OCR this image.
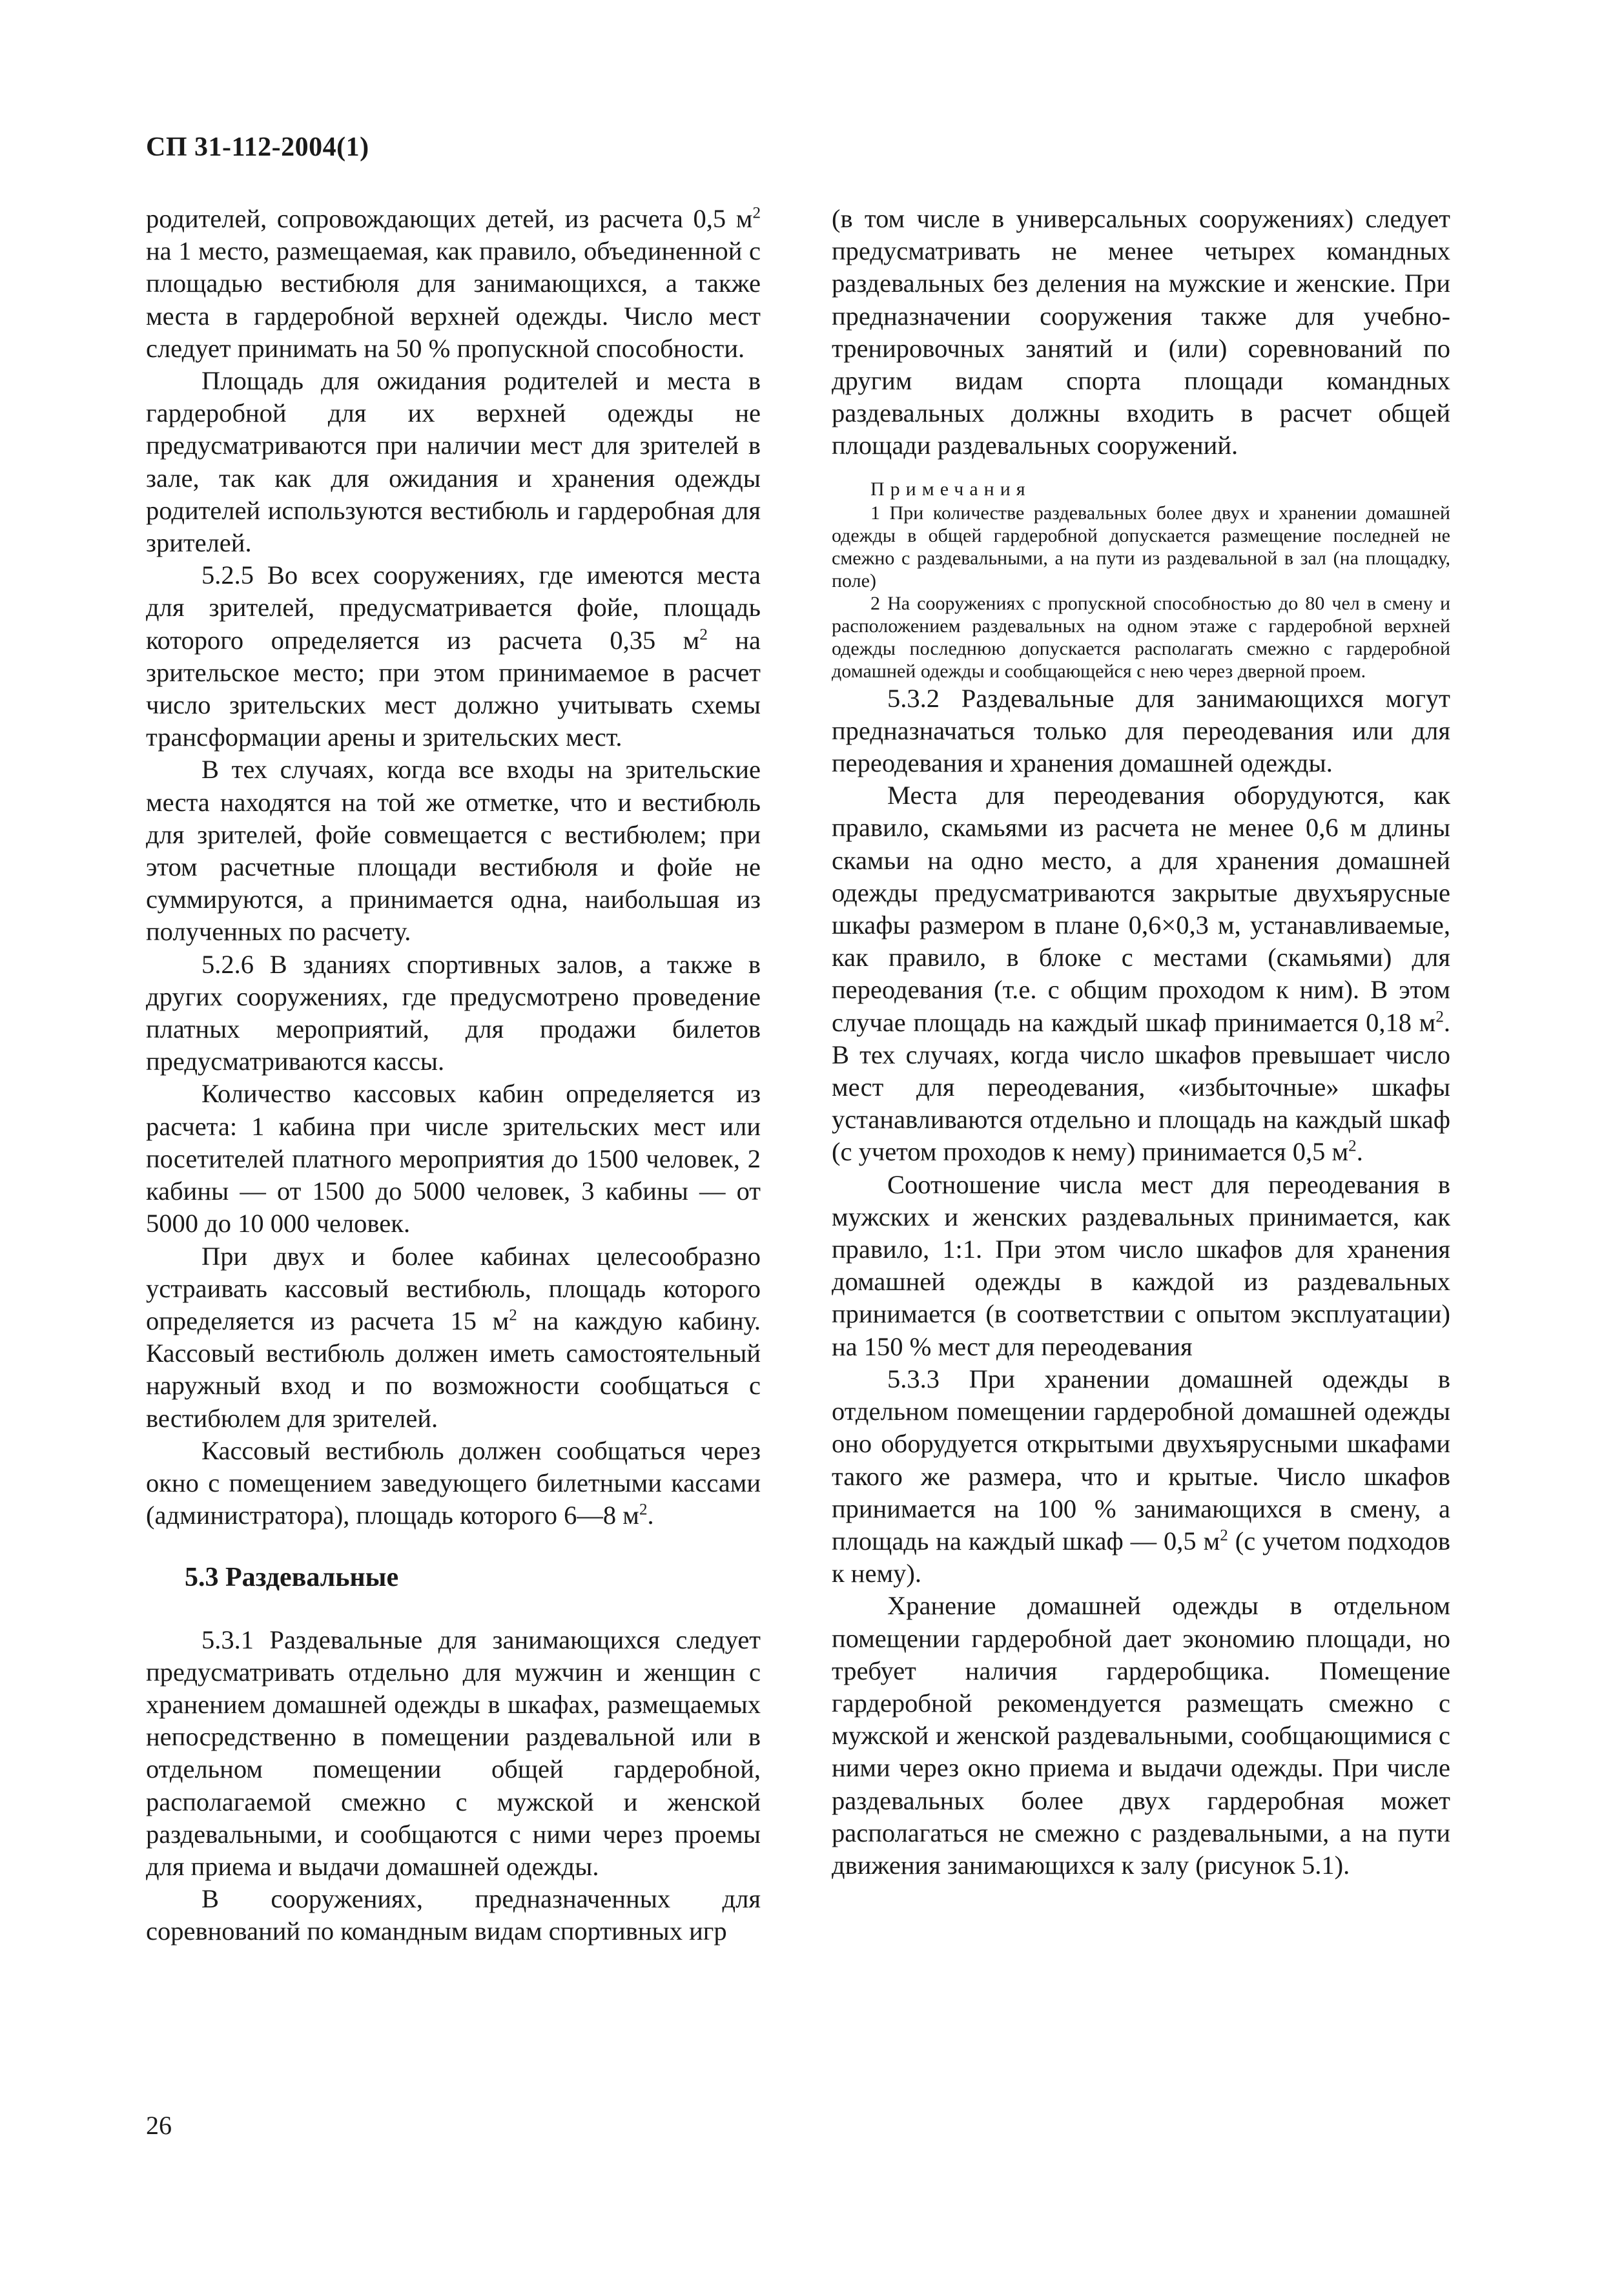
СП 31-112-2004(1)

родителей, сопровождающих детей, из расчета 0,5 $м^2$ на 1 место, размещаемая, как правило, объединенной с площадью вестибюля для занимающихся, а также места в гардеробной верхней одежды. Число мест следует принимать на 50 % пропускной способности.

Площадь для ожидания родителей и места в гардеробной для их верхней одежды не предусматриваются при наличии мест для зрителей в зале, так как для ожидания и хранения одежды родителей используются вестибюль и гардеробная для зрителей.

5.2.5 Во всех сооружениях, где имеются места для зрителей, предусматривается фойе, площадь которого определяется из расчета 0,35 $м^2$ на зрительское место; при этом принимаемое в расчет число зрительских мест должно учитывать схемы трансформации арены и зрительских мест.

В тех случаях, когда все входы на зрительские места находятся на той же отметке, что и вестибюль для зрителей, фойе совмещается с вестибюлем; при этом расчетные площади вестибюля и фойе не суммируются, а принимается одна, наибольшая из полученных по расчету.

5.2.6 В зданиях спортивных залов, а также в других сооружениях, где предусмотрено проведение платных мероприятий, для продажи билетов предусматриваются кассы.

Количество кассовых кабин определяется из расчета: 1 кабина при числе зрительских мест или посетителей платного мероприятия до 1500 человек, 2 кабины — от 1500 до 5000 человек, 3 кабины — от 5000 до 10 000 человек.

При двух и более кабинах целесообразно устраивать кассовый вестибюль, площадь которого определяется из расчета 15 $м^2$ на каждую кабину. Кассовый вестибюль должен иметь самостоятельный наружный вход и по возможности сообщаться с вестибюлем для зрителей.

Кассовый вестибюль должен сообщаться через окно с помещением заведующего билетными кассами (администратора), площадь которого 6—8 $м^2$.

5.3 Раздевальные

5.3.1 Раздевальные для занимающихся следует предусматривать отдельно для мужчин и женщин с хранением домашней одежды в шкафах, размещаемых непосредственно в помещении раздевальной или в отдельном помещении общей гардеробной, располагаемой смежно с мужской и женской раздевальными, и сообщаются с ними через проемы для приема и выдачи домашней одежды.

В сооружениях, предназначенных для соревнований по командным видам спортивных игр

(в том числе в универсальных сооружениях) следует предусматривать не менее четырех командных раздевальных без деления на мужские и женские. При предназначении сооружения также для учебно-тренировочных занятий и (или) соревнований по другим видам спорта площади командных раздевальных должны входить в расчет общей площади раздевальных сооружений.

Примечания

1 При количестве раздевальных более двух и хранении домашней одежды в общей гардеробной допускается размещение последней не смежно с раздевальными, а на пути из раздевальной в зал (на площадку, поле)

2 На сооружениях с пропускной способностью до 80 чел в смену и расположением раздевальных на одном этаже с гардеробной верхней одежды последнюю допускается располагать смежно с гардеробной домашней одежды и сообщающейся с нею через дверной проем.

5.3.2 Раздевальные для занимающихся могут предназначаться только для переодевания или для переодевания и хранения домашней одежды.

Места для переодевания оборудуются, как правило, скамьями из расчета не менее 0,6 м длины скамьи на одно место, а для хранения домашней одежды предусматриваются закрытые двухъярусные шкафы размером в плане 0,6×0,3 м, устанавливаемые, как правило, в блоке с местами (скамьями) для переодевания (т.е. с общим проходом к ним). В этом случае площадь на каждый шкаф принимается 0,18 $м^2$. В тех случаях, когда число шкафов превышает число мест для переодевания, «избыточные» шкафы устанавливаются отдельно и площадь на каждый шкаф (с учетом проходов к нему) принимается 0,5 $м^2$.

Соотношение числа мест для переодевания в мужских и женских раздевальных принимается, как правило, 1:1. При этом число шкафов для хранения домашней одежды в каждой из раздевальных принимается (в соответствии с опытом эксплуатации) на 150 % мест для переодевания

5.3.3 При хранении домашней одежды в отдельном помещении гардеробной домашней одежды оно оборудуется открытыми двухъярусными шкафами такого же размера, что и крытые. Число шкафов принимается на 100 % занимающихся в смену, а площадь на каждый шкаф — 0,5 $м^2$ (с учетом подходов к нему).

Хранение домашней одежды в отдельном помещении гардеробной дает экономию площади, но требует наличия гардеробщика. Помещение гардеробной рекомендуется размещать смежно с мужской и женской раздевальными, сообщающимися с ними через окно приема и выдачи одежды. При числе раздевальных более двух гардеробная может располагаться не смежно с раздевальными, а на пути движения занимающихся к залу (рисунок 5.1).

26
